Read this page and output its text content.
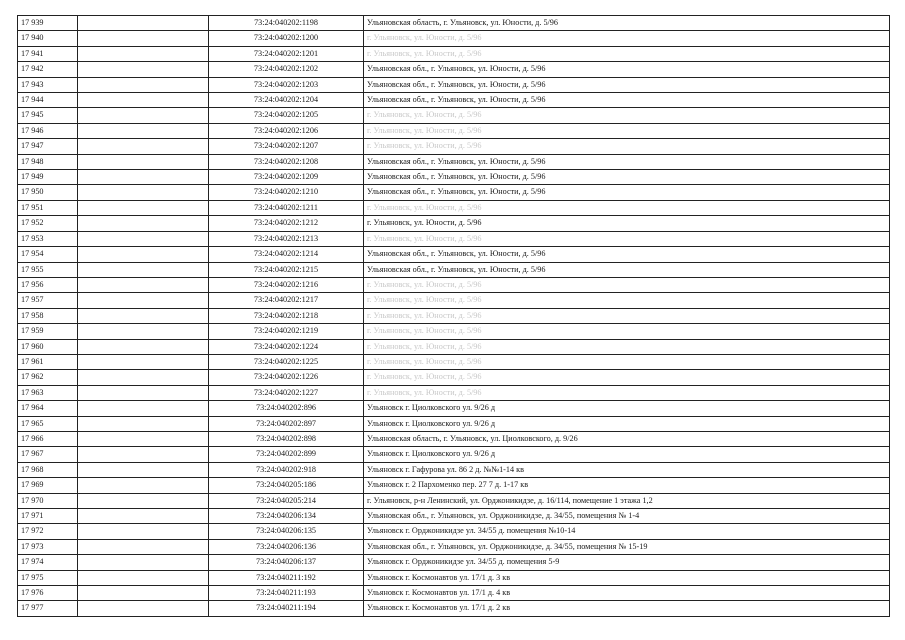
17 939		73:24:040202:1198	Ульяновская область, г. Ульяновск, ул. Юности, д. 5/96
17 940		73:24:040202:1200	г. Ульяновск, ул. Юности, д. 5/96
17 941		73:24:040202:1201	г. Ульяновск, ул. Юности, д. 5/96
17 942		73:24:040202:1202	Ульяновская обл., г. Ульяновск, ул. Юности, д. 5/96
17 943		73:24:040202:1203	Ульяновская обл., г. Ульяновск, ул. Юности, д. 5/96
17 944		73:24:040202:1204	Ульяновская обл., г. Ульяновск, ул. Юности, д. 5/96
17 945		73:24:040202:1205	г. Ульяновск, ул. Юности, д. 5/96
17 946		73:24:040202:1206	г. Ульяновск, ул. Юности, д. 5/96
17 947		73:24:040202:1207	г. Ульяновск, ул. Юности, д. 5/96
17 948		73:24:040202:1208	Ульяновская обл., г. Ульяновск, ул. Юности, д. 5/96
17 949		73:24:040202:1209	Ульяновская обл., г. Ульяновск, ул. Юности, д. 5/96
17 950		73:24:040202:1210	Ульяновская обл., г. Ульяновск, ул. Юности, д. 5/96
17 951		73:24:040202:1211	г. Ульяновск, ул. Юности, д. 5/96
17 952		73:24:040202:1212	г. Ульяновск, ул. Юности, д. 5/96
17 953		73:24:040202:1213	г. Ульяновск, ул. Юности, д. 5/96
17 954		73:24:040202:1214	Ульяновская обл., г. Ульяновск, ул. Юности, д. 5/96
17 955		73:24:040202:1215	Ульяновская обл., г. Ульяновск, ул. Юности, д. 5/96
17 956		73:24:040202:1216	г. Ульяновск, ул. Юности, д. 5/96
17 957		73:24:040202:1217	г. Ульяновск, ул. Юности, д. 5/96
17 958		73:24:040202:1218	г. Ульяновск, ул. Юности, д. 5/96
17 959		73:24:040202:1219	г. Ульяновск, ул. Юности, д. 5/96
17 960		73:24:040202:1224	г. Ульяновск, ул. Юности, д. 5/96
17 961		73:24:040202:1225	г. Ульяновск, ул. Юности, д. 5/96
17 962		73:24:040202:1226	г. Ульяновск, ул. Юности, д. 5/96
17 963		73:24:040202:1227	г. Ульяновск, ул. Юности, д. 5/96
17 964		73:24:040202:896	Ульяновск г. Циолковского ул. 9/26 д
17 965		73:24:040202:897	Ульяновск г. Циолковского ул. 9/26 д
17 966		73:24:040202:898	Ульяновская область, г. Ульяновск, ул. Циолковского, д. 9/26
17 967		73:24:040202:899	Ульяновск г. Циолковского ул. 9/26 д
17 968		73:24:040202:918	Ульяновск г. Гафурова ул. 86 2 д. №№1-14 кв
17 969		73:24:040205:186	Ульяновск г. 2 Пархоменко пер. 27 7 д. 1-17 кв
17 970		73:24:040205:214	г. Ульяновск, р-н Ленинский, ул. Орджоникидзе, д. 16/114, помещение 1 этажа 1,2
17 971		73:24:040206:134	Ульяновская обл., г. Ульяновск, ул. Орджоникидзе, д. 34/55, помещения № 1-4
17 972		73:24:040206:135	Ульяновск г. Орджоникидзе ул. 34/55 д. помещения №10-14
17 973		73:24:040206:136	Ульяновская обл., г. Ульяновск, ул. Орджоникидзе, д. 34/55, помещения № 15-19
17 974		73:24:040206:137	Ульяновск г. Орджоникидзе ул. 34/55 д. помещения 5-9
17 975		73:24:040211:192	Ульяновск г. Космонавтов ул. 17/1 д. 3 кв
17 976		73:24:040211:193	Ульяновск г. Космонавтов ул. 17/1 д. 4 кв
17 977		73:24:040211:194	Ульяновск г. Космонавтов ул. 17/1 д. 2 кв
